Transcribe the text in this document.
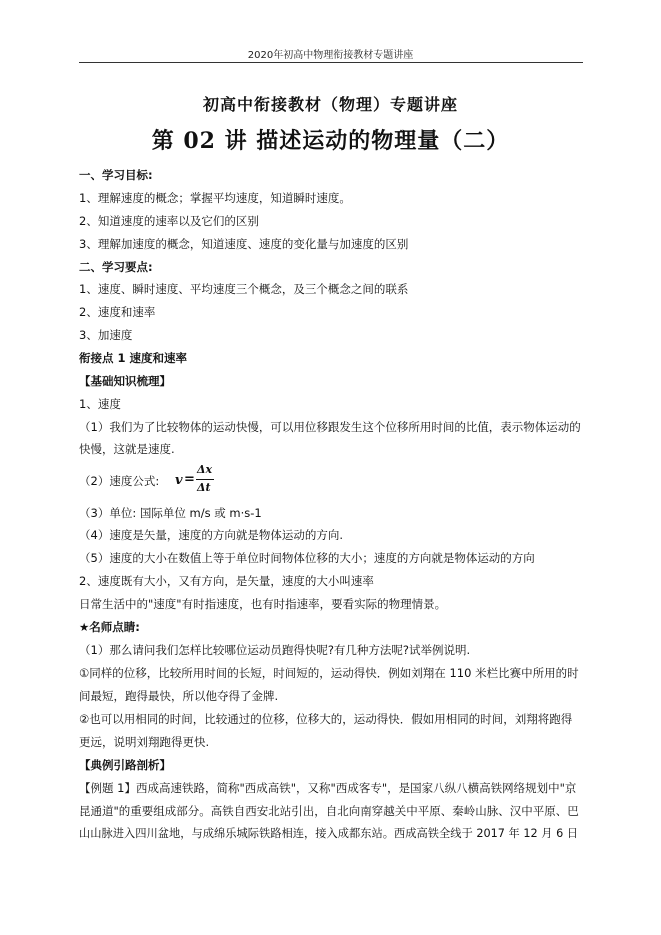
2020年初高中物理衔接教材专题讲座
初高中衔接教材（物理）专题讲座
第 02 讲 描述运动的物理量（二）
一、学习目标:
1、理解速度的概念；掌握平均速度，知道瞬时速度。
2、知道速度的速率以及它们的区别
3、理解加速度的概念，知道速度、速度的变化量与加速度的区别
二、学习要点:
1、速度、瞬时速度、平均速度三个概念，及三个概念之间的联系
2、速度和速率
3、加速度
衔接点 1 速度和速率
【基础知识梳理】
1、速度
（1）我们为了比较物体的运动快慢，可以用位移跟发生这个位移所用时间的比值，表示物体运动的
快慢，这就是速度.
（2）速度公式: v =
Δx
Δt
（3）单位: 国际单位 m/s 或 m·s-1
（4）速度是矢量，速度的方向就是物体运动的方向.
（5）速度的大小在数值上等于单位时间物体位移的大小；速度的方向就是物体运动的方向
2、速度既有大小，又有方向，是矢量，速度的大小叫速率
日常生活中的"速度"有时指速度，也有时指速率，要看实际的物理情景。
★名师点睛:
（1）那么请问我们怎样比较哪位运动员跑得快呢?有几种方法呢?试举例说明.
①同样的位移，比较所用时间的长短，时间短的，运动得快．例如刘翔在 110 米栏比赛中所用的时
间最短，跑得最快，所以他夺得了金牌.
②也可以用相同的时间，比较通过的位移，位移大的，运动得快．假如用相同的时间，刘翔将跑得
更远，说明刘翔跑得更快.
【典例引路剖析】
【例题 1】西成高速铁路，简称"西成高铁"，又称"西成客专"，是国家八纵八横高铁网络规划中"京
昆通道"的重要组成部分。高铁自西安北站引出，自北向南穿越关中平原、秦岭山脉、汉中平原、巴
山山脉进入四川盆地，与成绵乐城际铁路相连，接入成都东站。西成高铁全线于 2017 年 12 月 6 日
